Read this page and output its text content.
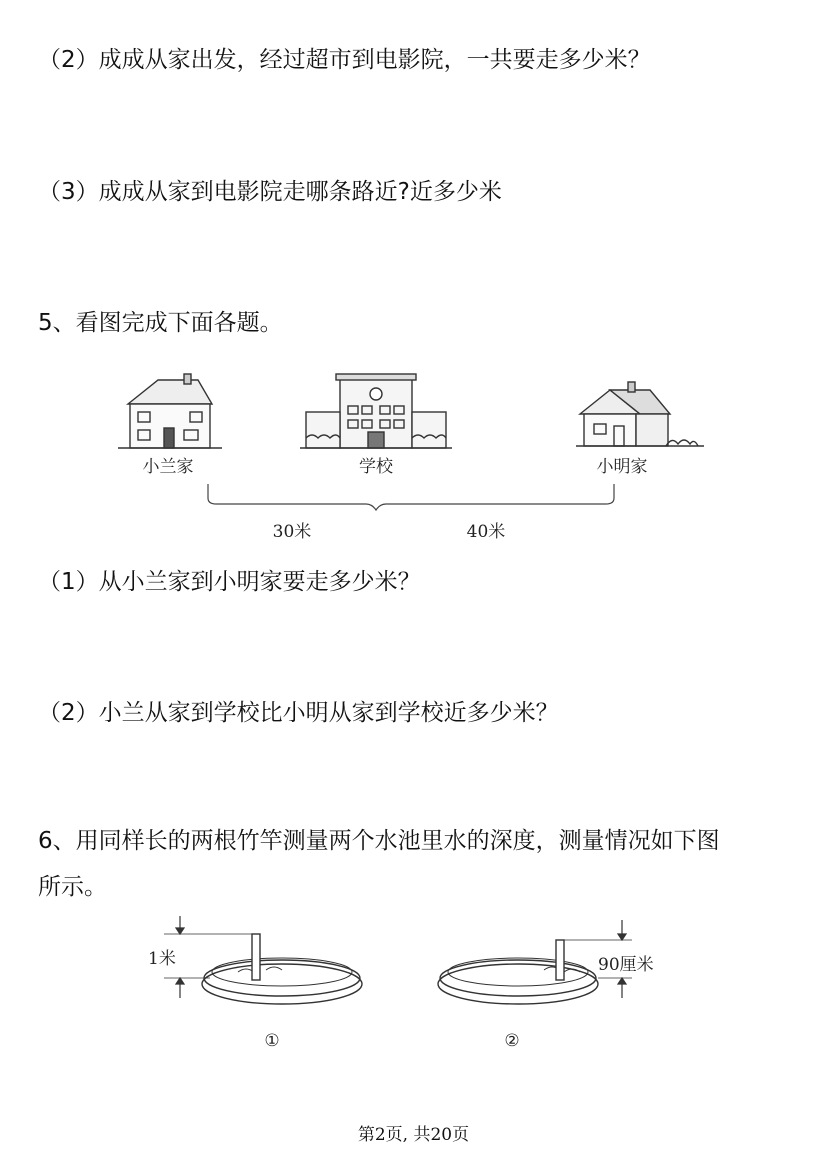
（2）成成从家出发，经过超市到电影院，一共要走多少米？
（3）成成从家到电影院走哪条路近?近多少米
5、看图完成下面各题。
小兰家	学校	小明家
30米	40米
（1）从小兰家到小明家要走多少米？
（2）小兰从家到学校比小明从家到学校近多少米？
6、用同样长的两根竹竿测量两个水池里水的深度，测量情况如下图
所示。
1米
①
90厘米
②
第2页, 共20页
